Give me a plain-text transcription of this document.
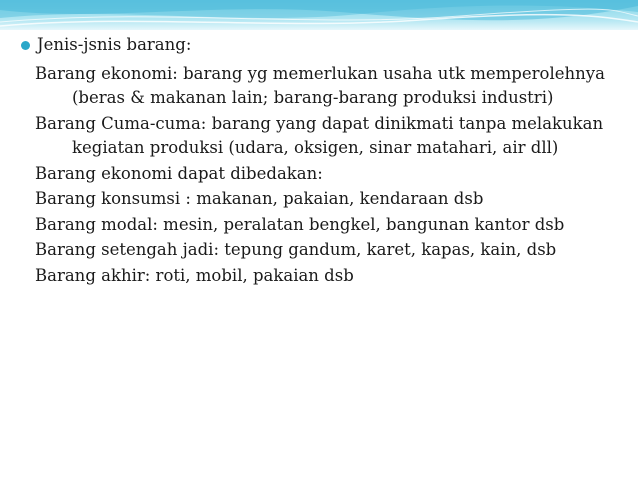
Jenis-jsnis barang:
Barang ekonomi: barang yg memerlukan usaha utk memperolehnya (beras & makanan lain; barang-barang produksi industri)
Barang Cuma-cuma: barang yang dapat dinikmati tanpa melakukan kegiatan produksi (udara, oksigen, sinar matahari, air dll)
Barang ekonomi dapat dibedakan:
Barang konsumsi : makanan, pakaian, kendaraan dsb
Barang modal: mesin, peralatan bengkel, bangunan kantor dsb
Barang setengah jadi: tepung gandum, karet, kapas, kain, dsb
Barang akhir: roti, mobil, pakaian dsb
